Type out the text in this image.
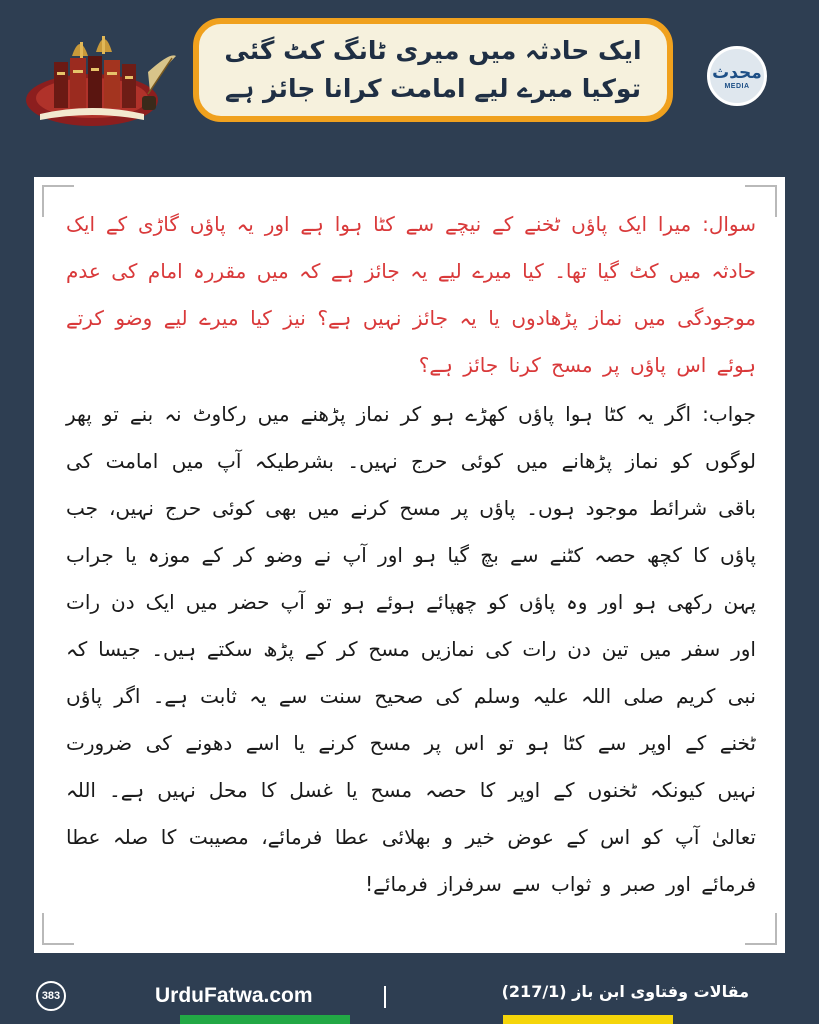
ایک حادثہ میں میری ٹانگ کٹ گئی
توکیا میرے لیے امامت کرانا جائز ہے
محدث
MEDIA

سوال: میرا ایک پاؤں ٹخنے کے نیچے سے کٹا ہوا ہے اور یہ پاؤں گاڑی کے ایک حادثہ میں کٹ گیا تھا۔ کیا میرے لیے یہ جائز ہے کہ میں مقررہ امام کی عدم موجودگی میں نماز پڑھادوں یا یہ جائز نہیں ہے؟ نیز کیا میرے لیے وضو کرتے ہوئے اس پاؤں پر مسح کرنا جائز ہے؟

جواب: اگر یہ کٹا ہوا پاؤں کھڑے ہو کر نماز پڑھنے میں رکاوٹ نہ بنے تو پھر لوگوں کو نماز پڑھانے میں کوئی حرج نہیں۔ بشرطیکہ آپ میں امامت کی باقی شرائط موجود ہوں۔ پاؤں پر مسح کرنے میں بھی کوئی حرج نہیں، جب پاؤں کا کچھ حصہ کٹنے سے بچ گیا ہو اور آپ نے وضو کر کے موزہ یا جراب پہن رکھی ہو اور وہ پاؤں کو چھپائے ہوئے ہو تو آپ حضر میں ایک دن رات اور سفر میں تین دن رات کی نمازیں مسح کر کے پڑھ سکتے ہیں۔ جیسا کہ نبی کریم صلی اللہ علیہ وسلم کی صحیح سنت سے یہ ثابت ہے۔ اگر پاؤں ٹخنے کے اوپر سے کٹا ہو تو اس پر مسح کرنے یا اسے دھونے کی ضرورت نہیں کیونکہ ٹخنوں کے اوپر کا حصہ مسح یا غسل کا محل نہیں ہے۔ اللہ تعالیٰ آپ کو اس کے عوض خیر و بھلائی عطا فرمائے، مصیبت کا صلہ عطا فرمائے اور صبر و ثواب سے سرفراز فرمائے!

383	UrduFatwa.com	مقالات وفتاوی ابن باز (217/1)
